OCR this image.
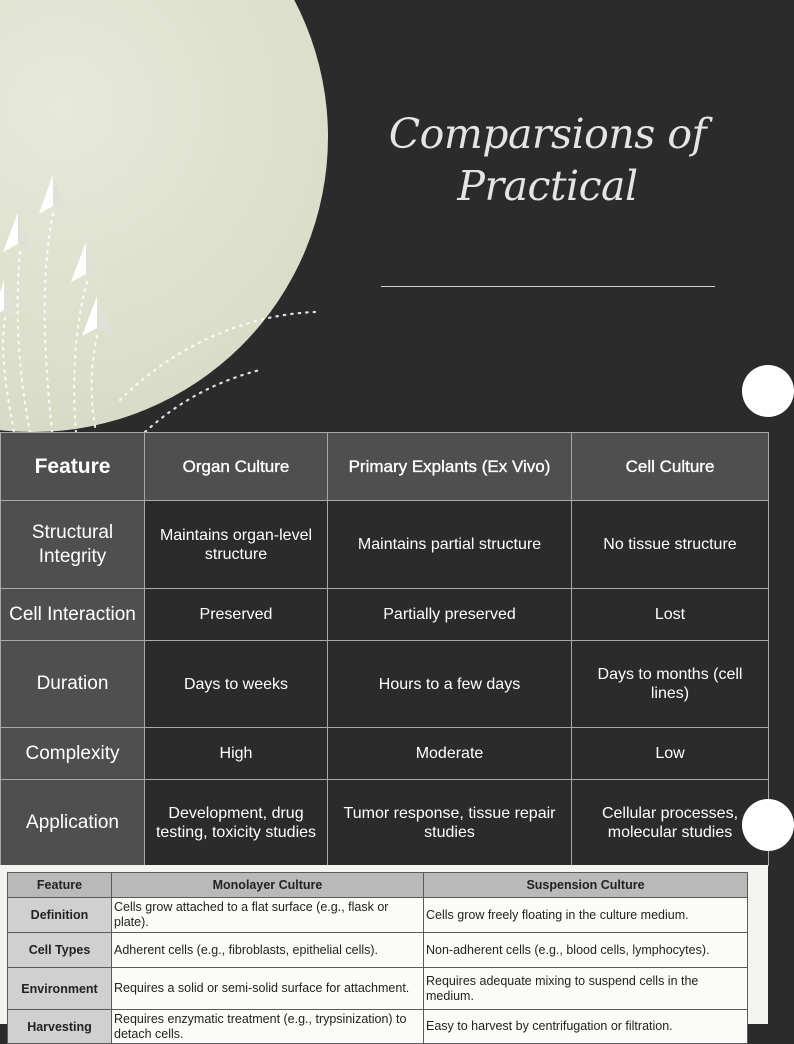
Comparsions of Practical
Feature	Organ Culture	Primary Explants (Ex Vivo)	Cell Culture
Structural Integrity	Maintains organ-level structure	Maintains partial structure	No tissue structure
Cell Interaction	Preserved	Partially preserved	Lost
Duration	Days to weeks	Hours to a few days	Days to months (cell lines)
Complexity	High	Moderate	Low
Application	Development, drug testing, toxicity studies	Tumor response, tissue repair studies	Cellular processes, molecular studies
Feature	Monolayer Culture	Suspension Culture
Definition	Cells grow attached to a flat surface (e.g., flask or plate).	Cells grow freely floating in the culture medium.
Cell Types	Adherent cells (e.g., fibroblasts, epithelial cells).	Non-adherent cells (e.g., blood cells, lymphocytes).
Environment	Requires a solid or semi-solid surface for attachment.	Requires adequate mixing to suspend cells in the medium.
Harvesting	Requires enzymatic treatment (e.g., trypsinization) to detach cells.	Easy to harvest by centrifugation or filtration.
